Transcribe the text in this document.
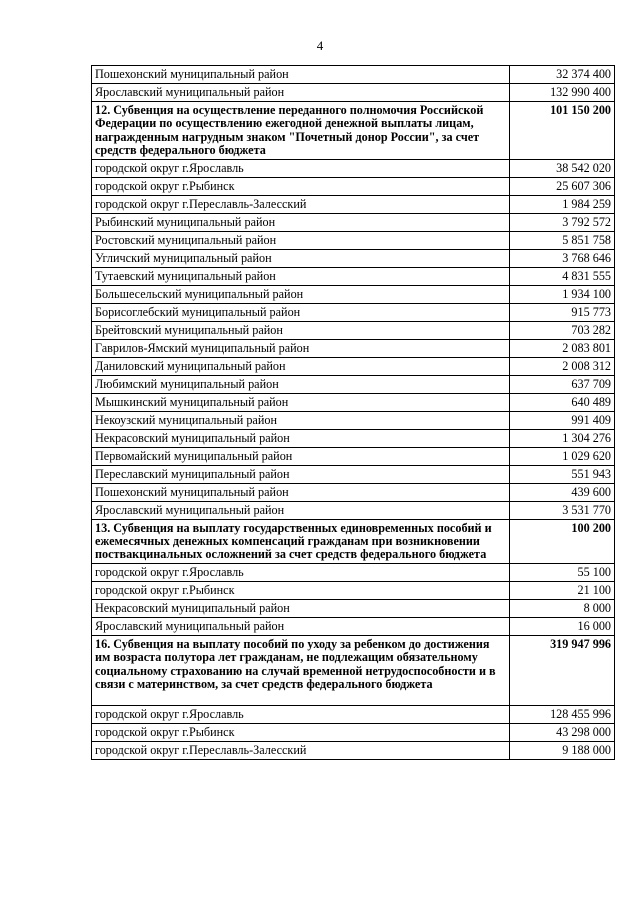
4
Пошехонский муниципальный район	32 374 400
Ярославский муниципальный район	132 990 400
12. Субвенция на осуществление переданного полномочия Российской Федерации по осуществлению ежегодной денежной выплаты лицам, награжденным нагрудным знаком "Почетный донор России", за счет средств федерального бюджета	101 150 200
городской округ г.Ярославль	38 542 020
городской округ г.Рыбинск	25 607 306
городской округ г.Переславль-Залесский	1 984 259
Рыбинский муниципальный район	3 792 572
Ростовский муниципальный район	5 851 758
Угличский муниципальный район	3 768 646
Тутаевский муниципальный район	4 831 555
Большесельский муниципальный район	1 934 100
Борисоглебский муниципальный район	915 773
Брейтовский муниципальный район	703 282
Гаврилов-Ямский муниципальный район	2 083 801
Даниловский муниципальный район	2 008 312
Любимский муниципальный район	637 709
Мышкинский муниципальный район	640 489
Некоузский муниципальный район	991 409
Некрасовский муниципальный район	1 304 276
Первомайский муниципальный район	1 029 620
Переславский муниципальный район	551 943
Пошехонский муниципальный район	439 600
Ярославский муниципальный район	3 531 770
13. Субвенция на выплату государственных единовременных пособий и ежемесячных денежных компенсаций гражданам при возникновении поствакцинальных осложнений за счет средств федерального бюджета	100 200
городской округ г.Ярославль	55 100
городской округ г.Рыбинск	21 100
Некрасовский муниципальный район	8 000
Ярославский муниципальный район	16 000
16. Субвенция на выплату пособий по уходу за ребенком до достижения им возраста полутора лет гражданам, не подлежащим обязательному социальному страхованию на случай временной нетрудоспособности и в связи с материнством, за счет средств федерального бюджета	319 947 996
городской округ г.Ярославль	128 455 996
городской округ г.Рыбинск	43 298 000
городской округ г.Переславль-Залесский	9 188 000
